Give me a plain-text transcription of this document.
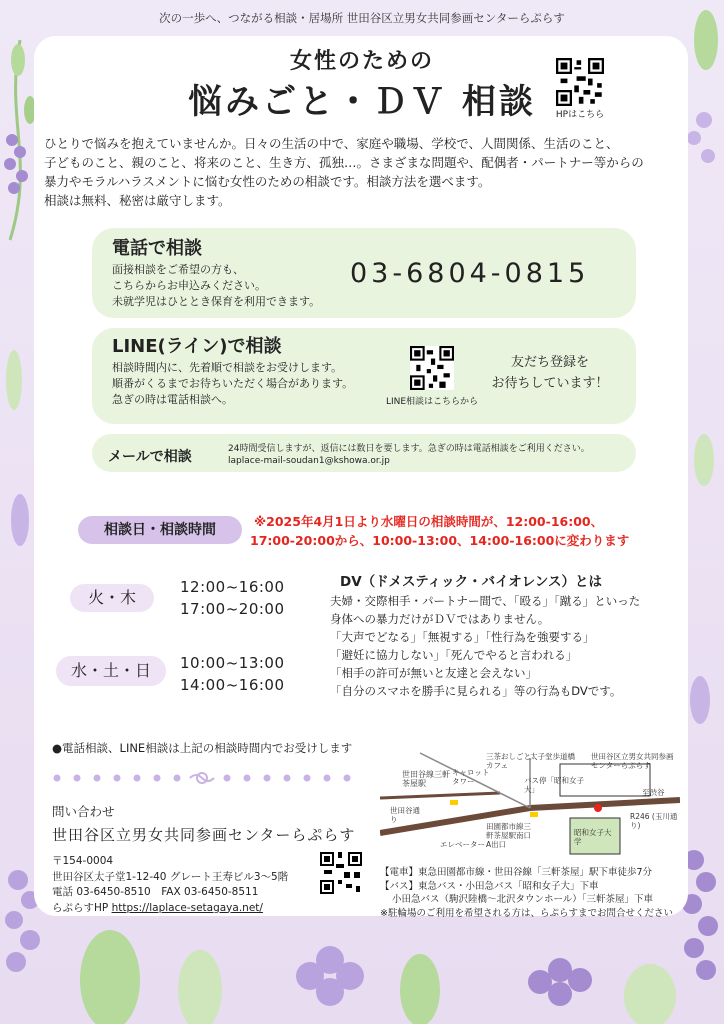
次の一歩へ、つながる相談・居場所 世田谷区立男女共同参画センターらぷらす
女性のための
悩みごと・ＤＶ 相談	HPはこちら
ひとりで悩みを抱えていませんか。日々の生活の中で、家庭や職場、学校で、人間関係、生活のこと、
子どものこと、親のこと、将来のこと、生き方、孤独…。さまざまな問題や、配偶者・パートナー等からの
暴力やモラルハラスメントに悩む女性のための相談です。相談方法を選べます。
相談は無料、秘密は厳守します。
電話で相談
面接相談をご希望の方も、
こちらからお申込みください。
未就学児はひととき保育を利用できます。
03-6804-0815
LINE(ライン)で相談
相談時間内に、先着順で相談をお受けします。
順番がくるまでお待ちいただく場合があります。
急ぎの時は電話相談へ。	LINE相談はこちらから
友だち登録を
お待ちしています！
メールで相談	24時間受信しますが、返信には数日を要します。急ぎの時は電話相談をご利用ください。
laplace-mail-soudan1@kshowa.or.jp
相談日・相談時間
※2025年4月1日より水曜日の相談時間が、12:00-16:00、
17:00-20:00から、10:00-13:00、14:00-16:00に変わります
火・木
12:00~16:00
17:00~20:00
水・土・日	10:00~13:00
14:00~16:00
DV（ドメスティック・バイオレンス）とは
夫婦・交際相手・パートナー間で、「殴る」「蹴る」といった
身体への暴力だけがＤＶではありません。
「大声でどなる」「無視する」「性行為を強要する」
「避妊に協力しない」「死んでやると言われる」
「相手の許可が無いと友達と会えない」
「自分のスマホを勝手に見られる」等の行為もDVです。
●電話相談、LINE相談は上記の相談時間内でお受けします
問い合わせ
世田谷区立男女共同参画センターらぷらす
〒154-0004
世田谷区太子堂1-12-40 グレート王寿ビル3～5階
電話 03-6450-8510　FAX 03-6450-8511
らぷらすHP https://laplace-setagaya.net/
世田谷区立男女共同参画センターらぷらす
世田谷線三軒茶屋駅
キャロットタワー
三茶おしごとカフェ
太子堂歩道橋
バス停「昭和女子大」
世田谷通り
至渋谷
R246 (玉川通り)
田園都市線三軒茶屋駅南口A出口
エレベーター
昭和女子大学
【電車】東急田園都市線・世田谷線「三軒茶屋」駅下車徒歩7分
【バス】東急バス・小田急バス「昭和女子大」下車
小田急バス（駒沢陸橋～北沢タウンホール）「三軒茶屋」下車
※駐輪場のご利用を希望される方は、らぷらすまでお問合せください
